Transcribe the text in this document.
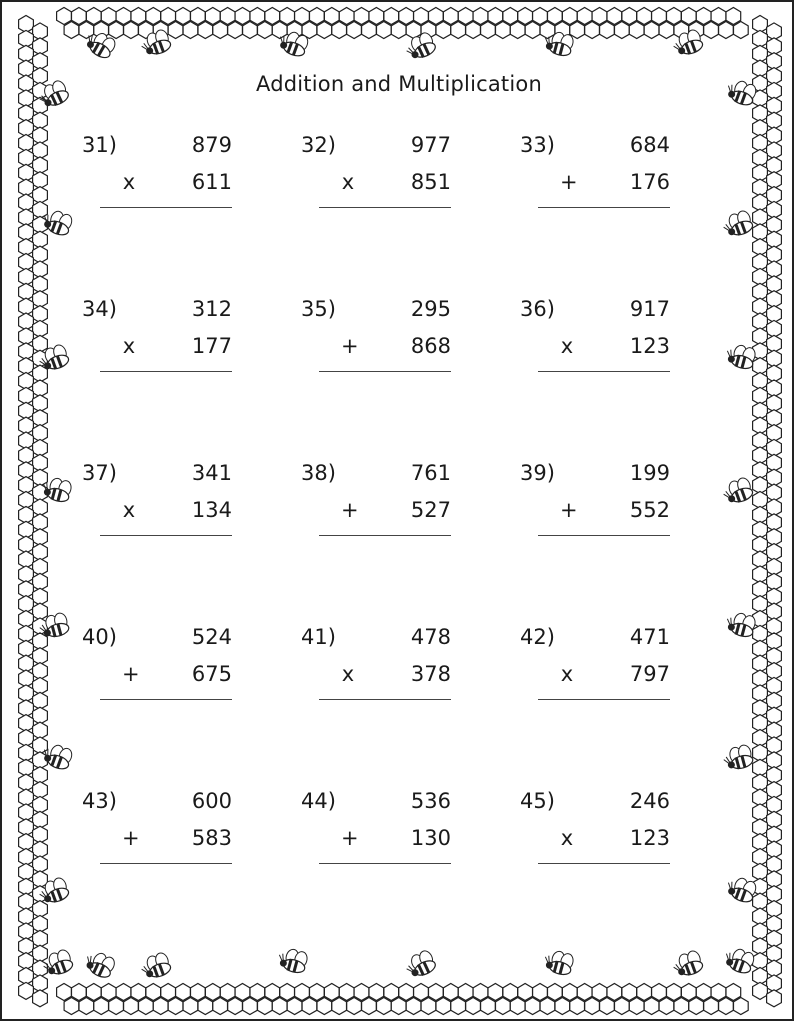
Addition and Multiplication
31)	879
x	611
32)	977
x	851
33)	684
+ 176
34)	312
x	177
35)	295
+ 868
36)	917
x	123
37)	341
x	134
38)	761
+ 527
39)	199
+ 552
40)	524
+ 675
41)	478
x	378
42)	471
x	797
43)	600
+ 583
44)	536
+ 130
45)	246
x	123
